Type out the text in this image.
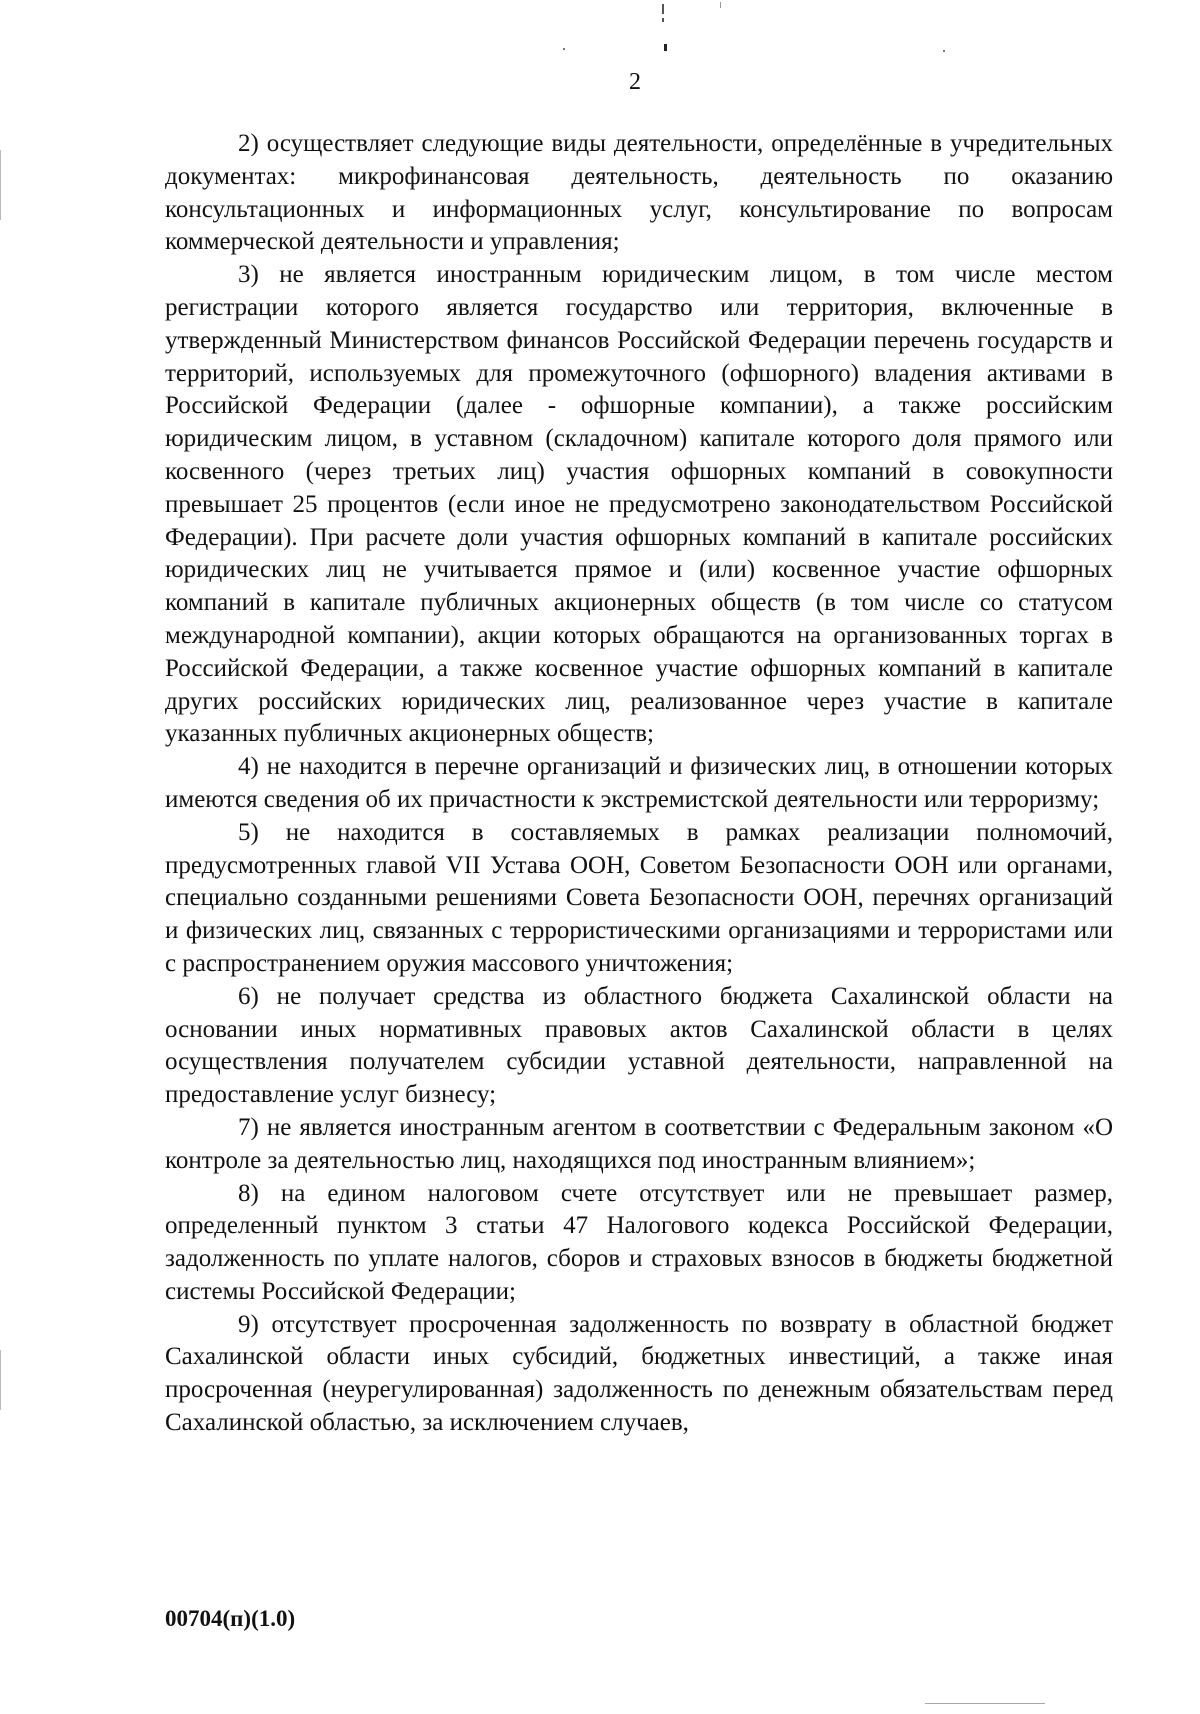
2

2) осуществляет следующие виды деятельности, определённые в учредительных документах: микрофинансовая деятельность, деятельность по оказанию консультационных и информационных услуг, консультирование по вопросам коммерческой деятельности и управления;

3) не является иностранным юридическим лицом, в том числе местом регистрации которого является государство или территория, включенные в утвержденный Министерством финансов Российской Федерации перечень государств и территорий, используемых для промежуточного (офшорного) владения активами в Российской Федерации (далее - офшорные компании), а также российским юридическим лицом, в уставном (складочном) капитале которого доля прямого или косвенного (через третьих лиц) участия офшорных компаний в совокупности превышает 25 процентов (если иное не предусмотрено законодательством Российской Федерации). При расчете доли участия офшорных компаний в капитале российских юридических лиц не учитывается прямое и (или) косвенное участие офшорных компаний в капитале публичных акционерных обществ (в том числе со статусом международной компании), акции которых обращаются на организованных торгах в Российской Федерации, а также косвенное участие офшорных компаний в капитале других российских юридических лиц, реализованное через участие в капитале указанных публичных акционерных обществ;

4) не находится в перечне организаций и физических лиц, в отношении которых имеются сведения об их причастности к экстремистской деятельности или терроризму;

5) не находится в составляемых в рамках реализации полномочий, предусмотренных главой VII Устава ООН, Советом Безопасности ООН или органами, специально созданными решениями Совета Безопасности ООН, перечнях организаций и физических лиц, связанных с террористическими организациями и террористами или с распространением оружия массового уничтожения;

6) не получает средства из областного бюджета Сахалинской области на основании иных нормативных правовых актов Сахалинской области в целях осуществления получателем субсидии уставной деятельности, направленной на предоставление услуг бизнесу;

7) не является иностранным агентом в соответствии с Федеральным законом «О контроле за деятельностью лиц, находящихся под иностранным влиянием»;

8) на едином налоговом счете отсутствует или не превышает размер, определенный пунктом 3 статьи 47 Налогового кодекса Российской Федерации, задолженность по уплате налогов, сборов и страховых взносов в бюджеты бюджетной системы Российской Федерации;

9) отсутствует просроченная задолженность по возврату в областной бюджет Сахалинской области иных субсидий, бюджетных инвестиций, а также иная просроченная (неурегулированная) задолженность по денежным обязательствам перед Сахалинской областью, за исключением случаев,

00704(п)(1.0)
